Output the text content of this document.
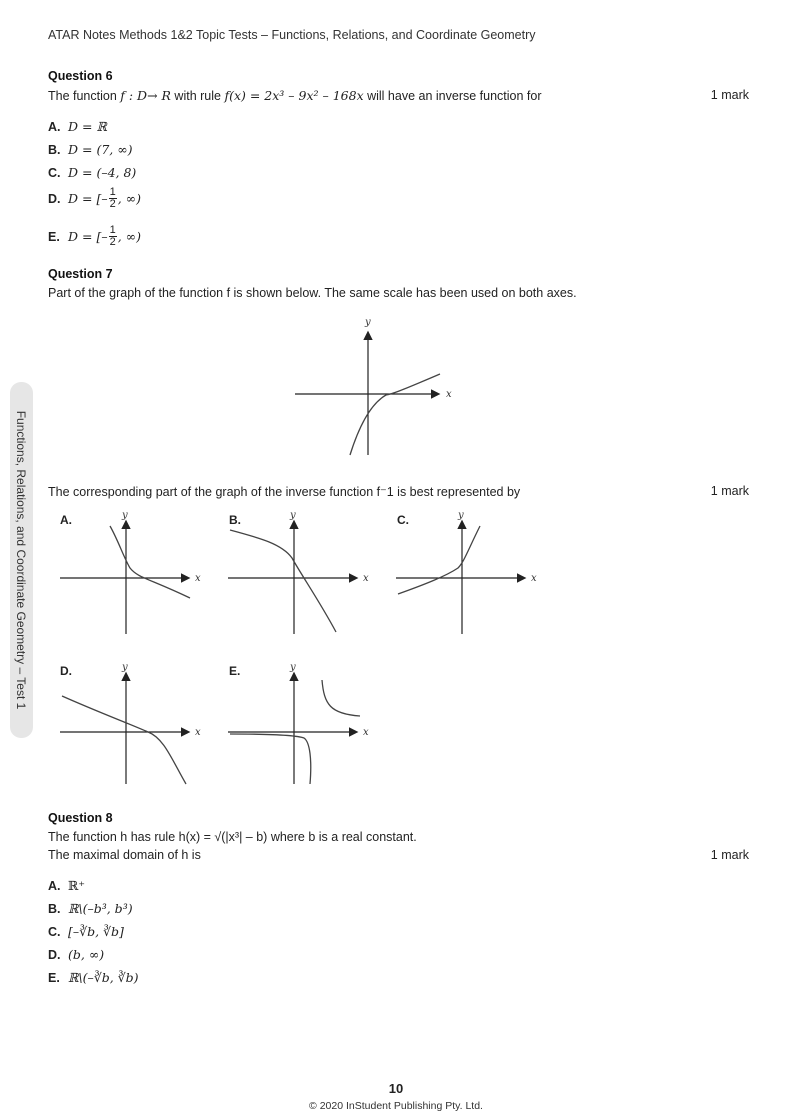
ATAR Notes Methods 1&2 Topic Tests – Functions, Relations, and Coordinate Geometry
Functions, Relations, and Coordinate Geometry – Test 1
Question 6
The function f : D→ R with rule f(x) = 2x³ – 9x² – 168x will have an inverse function for	1 mark
A. D = ℝ
B. D = (7, ∞)
C. D = (–4, 8)
D. D = [– $\frac{1}{2}$ , ∞)
E. D = [– $\frac{1}{2}$ , ∞)
Question 7
Part of the graph of the function f is shown below. The same scale has been used on both axes.
x
y
The corresponding part of the graph of the inverse function f⁻1 is best represented by	1 mark
A.
x
y	B.
x
y	C.
x
y
D.
x
y	E.
x
y
Question 8
The function h has rule h(x) = √(|x³| – b) where b is a real constant.
The maximal domain of h is	1 mark
A. ℝ⁺
B. ℝ\(–b³, b³)
C. [–∛b, ∛b]
D. (b, ∞)
E. ℝ\(–∛b, ∛b)
10
© 2020 InStudent Publishing Pty. Ltd.
